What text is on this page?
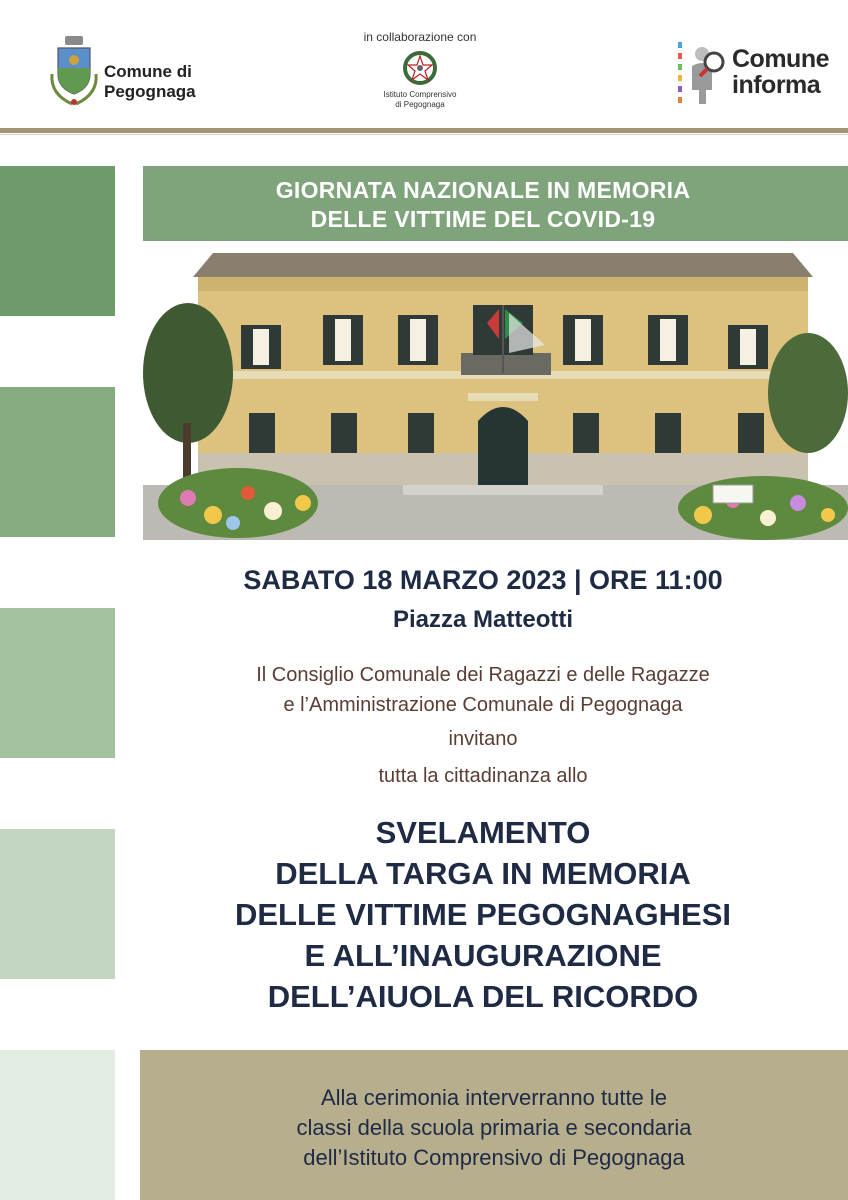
Comune di
Pegognaga
in collaborazione con
Istituto Comprensivo
di Pegognaga
Comune
informa
GIORNATA NAZIONALE IN MEMORIA
DELLE VITTIME DEL COVID-19
SABATO 18 MARZO 2023 | ORE 11:00
Piazza Matteotti
Il Consiglio Comunale dei Ragazzi e delle Ragazze
e l’Amministrazione Comunale di Pegognaga
invitano
tutta la cittadinanza allo
SVELAMENTO
DELLA TARGA IN MEMORIA
DELLE VITTIME PEGOGNAGHESI
E ALL’INAUGURAZIONE
DELL’AIUOLA DEL RICORDO
Alla cerimonia interverranno tutte le
classi della scuola primaria e secondaria
dell’Istituto Comprensivo di Pegognaga
